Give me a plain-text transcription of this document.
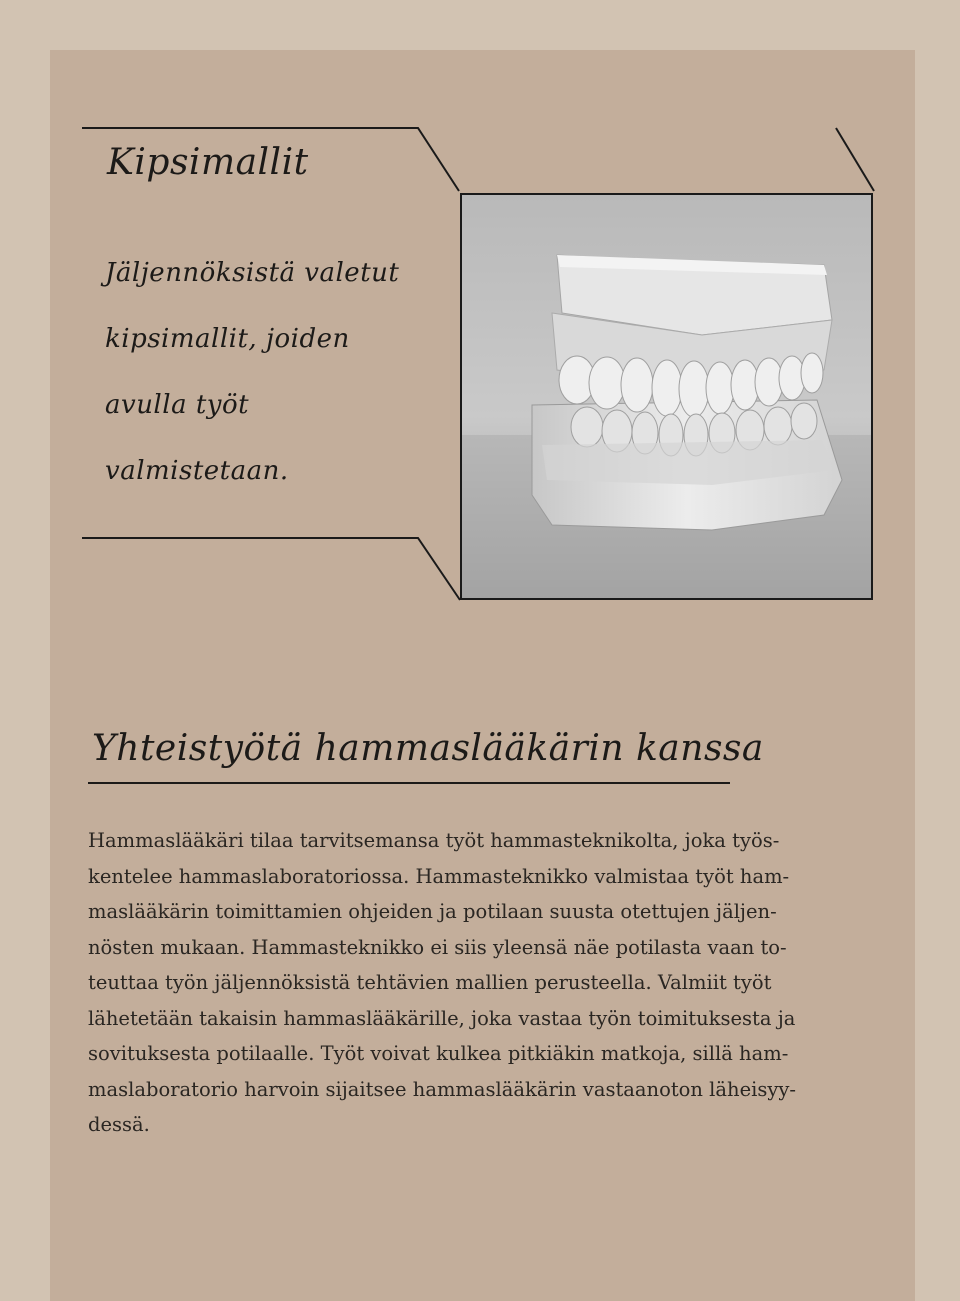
Kipsimallit
Jäljennöksistä valetut
kipsimallit, joiden
avulla työt
valmistetaan.
Yhteistyötä hammaslääkärin kanssa
Hammaslääkäri tilaa tarvitsemansa työt hammasteknikolta, joka työs-
kentelee hammaslaboratoriossa. Hammasteknikko valmistaa työt ham-
maslääkärin toimittamien ohjeiden ja potilaan suusta otettujen jäljen-
nösten mukaan. Hammasteknikko ei siis yleensä näe potilasta vaan to-
teuttaa työn jäljennöksistä tehtävien mallien perusteella. Valmiit työt
lähetetään takaisin hammaslääkärille, joka vastaa työn toimituksesta ja
sovituksesta potilaalle. Työt voivat kulkea pitkiäkin matkoja, sillä ham-
maslaboratorio harvoin sijaitsee hammaslääkärin vastaanoton läheisyy-
dessä.
